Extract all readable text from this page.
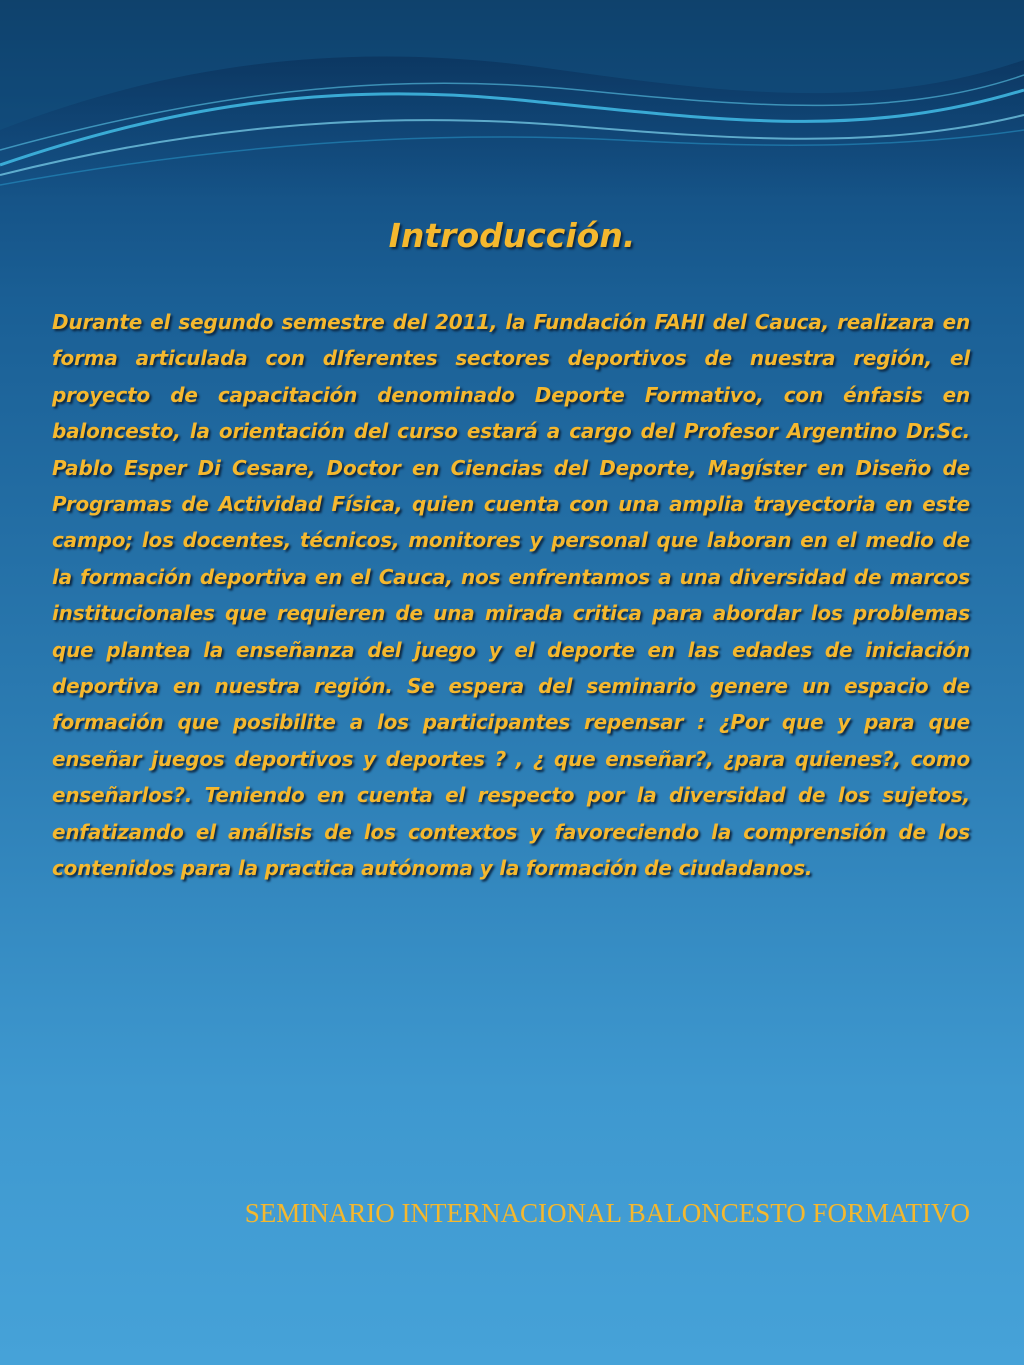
Introducción.

Durante el segundo semestre del 2011, la Fundación FAHI del Cauca, realizara en forma articulada con dIferentes sectores deportivos de nuestra región, el proyecto de capacitación denominado Deporte Formativo, con énfasis en baloncesto, la orientación del curso estará a cargo del Profesor Argentino Dr.Sc. Pablo Esper Di Cesare, Doctor en Ciencias del Deporte, Magíster en Diseño de Programas de Actividad Física, quien cuenta con una amplia trayectoria en este campo; los docentes, técnicos, monitores y personal que laboran en el medio de la formación deportiva en el Cauca, nos enfrentamos a una diversidad de marcos institucionales que requieren de una mirada critica para abordar los problemas que plantea la enseñanza del juego y el deporte en las edades de iniciación deportiva en nuestra región. Se espera del seminario genere un espacio de formación que posibilite a los participantes repensar : ¿Por que y para que enseñar juegos deportivos y deportes ? , ¿ que enseñar?, ¿para quienes?, como enseñarlos?. Teniendo en cuenta el respecto por la diversidad de los sujetos, enfatizando el análisis de los contextos y favoreciendo la comprensión de los contenidos para la practica autónoma y la formación de ciudadanos.

SEMINARIO INTERNACIONAL BALONCESTO FORMATIVO
